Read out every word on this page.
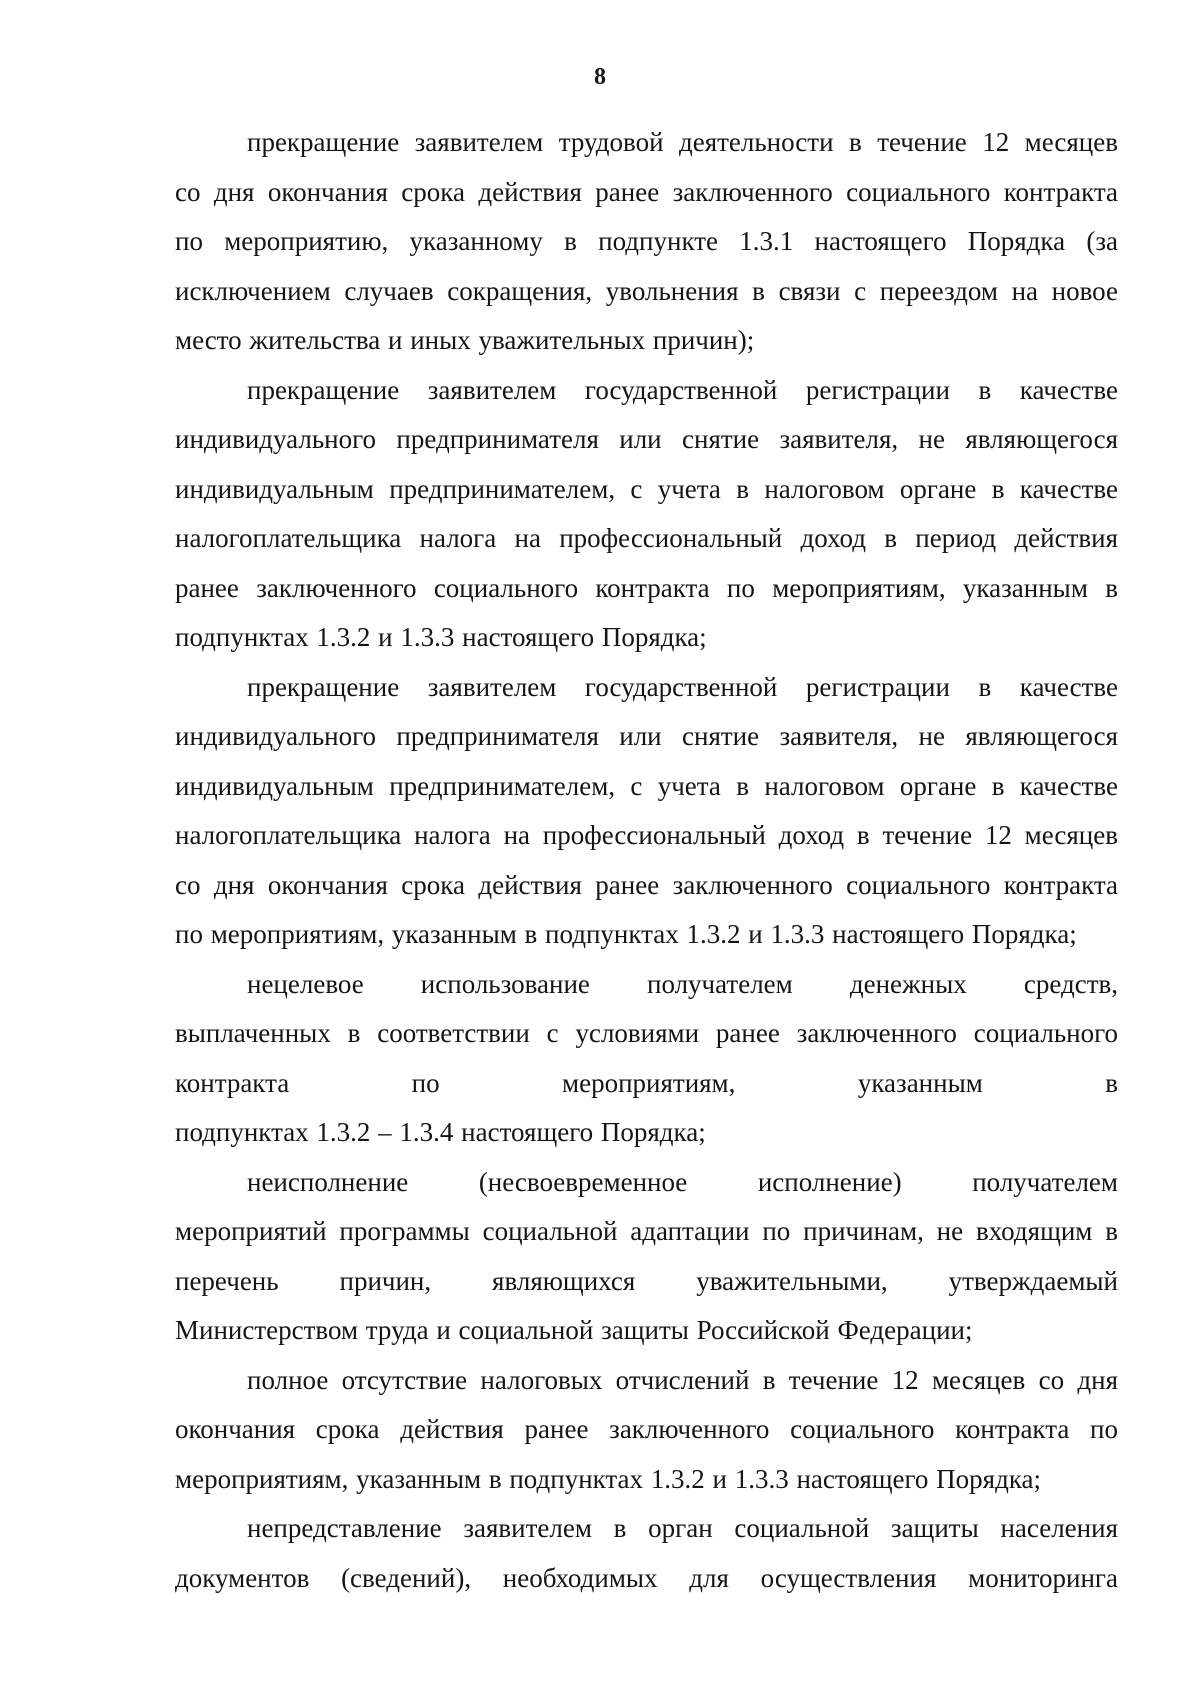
8
прекращение заявителем трудовой деятельности в течение 12 месяцев
со дня окончания срока действия ранее заключенного социального контракта
по мероприятию, указанному в подпункте 1.3.1 настоящего Порядка (за
исключением случаев сокращения, увольнения в связи с переездом на новое
место жительства и иных уважительных причин);
прекращение заявителем государственной регистрации в качестве
индивидуального предпринимателя или снятие заявителя, не являющегося
индивидуальным предпринимателем, с учета в налоговом органе в качестве
налогоплательщика налога на профессиональный доход в период действия
ранее заключенного социального контракта по мероприятиям, указанным в
подпунктах 1.3.2 и 1.3.3 настоящего Порядка;
прекращение заявителем государственной регистрации в качестве
индивидуального предпринимателя или снятие заявителя, не являющегося
индивидуальным предпринимателем, с учета в налоговом органе в качестве
налогоплательщика налога на профессиональный доход в течение 12 месяцев
со дня окончания срока действия ранее заключенного социального контракта
по мероприятиям, указанным в подпунктах 1.3.2 и 1.3.3 настоящего Порядка;
нецелевое использование получателем денежных средств,
выплаченных в соответствии с условиями ранее заключенного социального
контракта по мероприятиям, указанным в
подпунктах 1.3.2 – 1.3.4 настоящего Порядка;
неисполнение (несвоевременное исполнение) получателем
мероприятий программы социальной адаптации по причинам, не входящим в
перечень причин, являющихся уважительными, утверждаемый
Министерством труда и социальной защиты Российской Федерации;
полное отсутствие налоговых отчислений в течение 12 месяцев со дня
окончания срока действия ранее заключенного социального контракта по
мероприятиям, указанным в подпунктах 1.3.2 и 1.3.3 настоящего Порядка;
непредставление заявителем в орган социальной защиты населения
документов (сведений), необходимых для осуществления мониторинга
